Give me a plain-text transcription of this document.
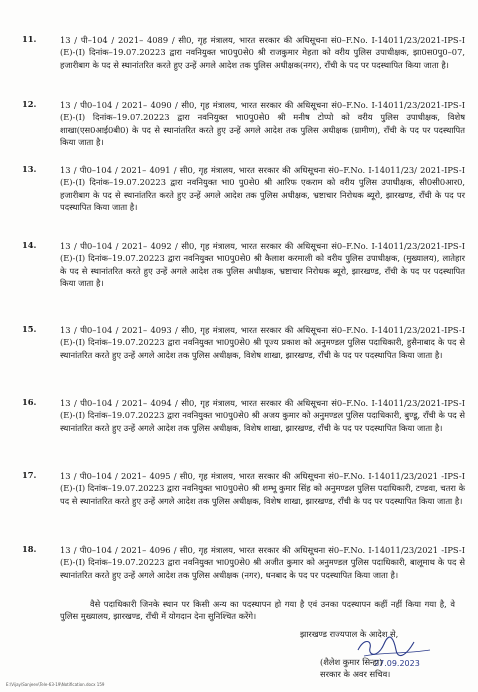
11.	13 / पी–104 / 2021– 4089 / सी0, गृह मंत्रालय, भारत सरकार की अधिसूचना सं0–F.No. I-14011/23/2021-IPS-I (E)-(I) दिनांक–19.07.20223 द्वारा नवनियुक्त भा0पु0से0 श्री राजकुमार मेहता को वरीय पुलिस उपाधीक्षक, झा0स0पु0–07, हजारीबाग के पद से स्थानांतरित करते हुए उन्हें अगले आदेश तक पुलिस अधीक्षक(नगर), राँची के पद पर पदस्थापित किया जाता है।
12.	13 / पी0–104 / 2021– 4090 / सी0, गृह मंत्रालय, भारत सरकार की अधिसूचना सं0–F.No. I-14011/23/2021-IPS-I (E)-(I) दिनांक–19.07.20223 द्वारा नवनियुक्त भा0पु0से0 श्री मनीष टोप्पो को वरीय पुलिस उपाधीक्षक, विशेष शाखा(एस0आई0बी0) के पद से स्थानांतरित करते हुए उन्हें अगले आदेश तक पुलिस अधीक्षक (ग्रामीण), राँची के पद पर पदस्थापित किया जाता है।
13.	13 / पी0–104 / 2021– 4091 / सी0, गृह मंत्रालय, भारत सरकार की अधिसूचना सं0–F.No. I-14011/23/ 2021-IPS-I (E)-(I) दिनांक–19.07.20223 द्वारा नवनियुक्त भा0 पु0से0 श्री आरिफ एकराम को वरीय पुलिस उपाधीक्षक, सी0सी0आर0, हजारीबाग के पद से स्थानांतरित करते हुए उन्हें अगले आदेश तक पुलिस अधीक्षक, भ्रष्टाचार निरोधक ब्यूरो, झारखण्ड, राँची के पद पर पदस्थापित किया जाता है।
14.	13 / पी0–104 / 2021– 4092 / सी0, गृह मंत्रालय, भारत सरकार की अधिसूचना सं0–F.No. I-14011/23/2021-IPS-I (E)-(I) दिनांक–19.07.20223 द्वारा नवनियुक्त भा0पु0से0 श्री कैलाश करमाली को वरीय पुलिस उपाधीक्षक, (मुख्यालय), लातेहार के पद से स्थानांतरित करते हुए उन्हें अगले आदेश तक पुलिस अधीक्षक, भ्रष्टाचार निरोधक ब्यूरो, झारखण्ड, राँची के पद पर पदस्थापित किया जाता है।
15.	13 / पी0–104 / 2021– 4093 / सी0, गृह मंत्रालय, भारत सरकार की अधिसूचना सं0–F.No. I-14011/23/2021-IPS-I (E)-(I) दिनांक–19.07.20223 द्वारा नवनियुक्त भा0पु0से0 श्री पूज्य प्रकाश को अनुमण्डल पुलिस पदाधिकारी, हुसैनाबाद के पद से स्थानांतरित करते हुए उन्हें अगले आदेश तक पुलिस अधीक्षक, विशेष शाखा, झारखण्ड, राँची के पद पर पदस्थापित किया जाता है।
16.	13 / पी0–104 / 2021– 4094 / सी0, गृह मंत्रालय, भारत सरकार की अधिसूचना सं0–F.No. I-14011/23/2021-IPS-I (E)-(I) दिनांक–19.07.20223 द्वारा नवनियुक्त भा0पु0से0 श्री अजय कुमार को अनुमण्डल पुलिस पदाधिकारी, बुण्डू, राँची के पद से स्थानांतरित करते हुए उन्हें अगले आदेश तक पुलिस अधीक्षक, विशेष शाखा, झारखण्ड, राँची के पद पर पदस्थापित किया जाता है।
17.	13 / पी0–104 / 2021– 4095 / सी0, गृह मंत्रालय, भारत सरकार की अधिसूचना सं0–F.No. I-14011/23/2021 -IPS-I (E)-(I) दिनांक–19.07.20223 द्वारा नवनियुक्त भा0पु0से0 श्री शम्भू कुमार सिंह को अनुमण्डल पुलिस पदाधिकारी, टण्डवा, चतरा के पद से स्थानांतरित करते हुए उन्हें अगले आदेश तक पुलिस अधीक्षक, विशेष शाखा, झारखण्ड, राँची के पद पर पदस्थापित किया जाता है।
18.	13 / पी0–104 / 2021– 4096 / सी0, गृह मंत्रालय, भारत सरकार की अधिसूचना सं0–F.No. I-14011/23/2021 -IPS-I (E)-(I) दिनांक–19.07.20223 द्वारा नवनियुक्त भा0पु0से0 श्री अजीत कुमार को अनुमण्डल पुलिस पदाधिकारी, बालूमाथ के पद से स्थानांतरित करते हुए उन्हें अगले आदेश तक पुलिस अधीक्षक (नगर), धनबाद के पद पर पदस्थापित किया जाता है।
वैसे पदाधिकारी जिनके स्थान पर किसी अन्य का पदस्थापन हो गया है एवं उनका पदस्थापन कहीं नहीं किया गया है, वे पुलिस मुख्यालय, झारखण्ड, राँची में योगदान देना सुनिश्चित करेंगे।
झारखण्ड राज्यपाल के आदेश से,
27.09.2023
(शैलेश कुमार सिन्हा)
सरकार के अवर सचिव।
E:\Vijay\Sanjeev\Tele-63-19\Notification.docx 159
